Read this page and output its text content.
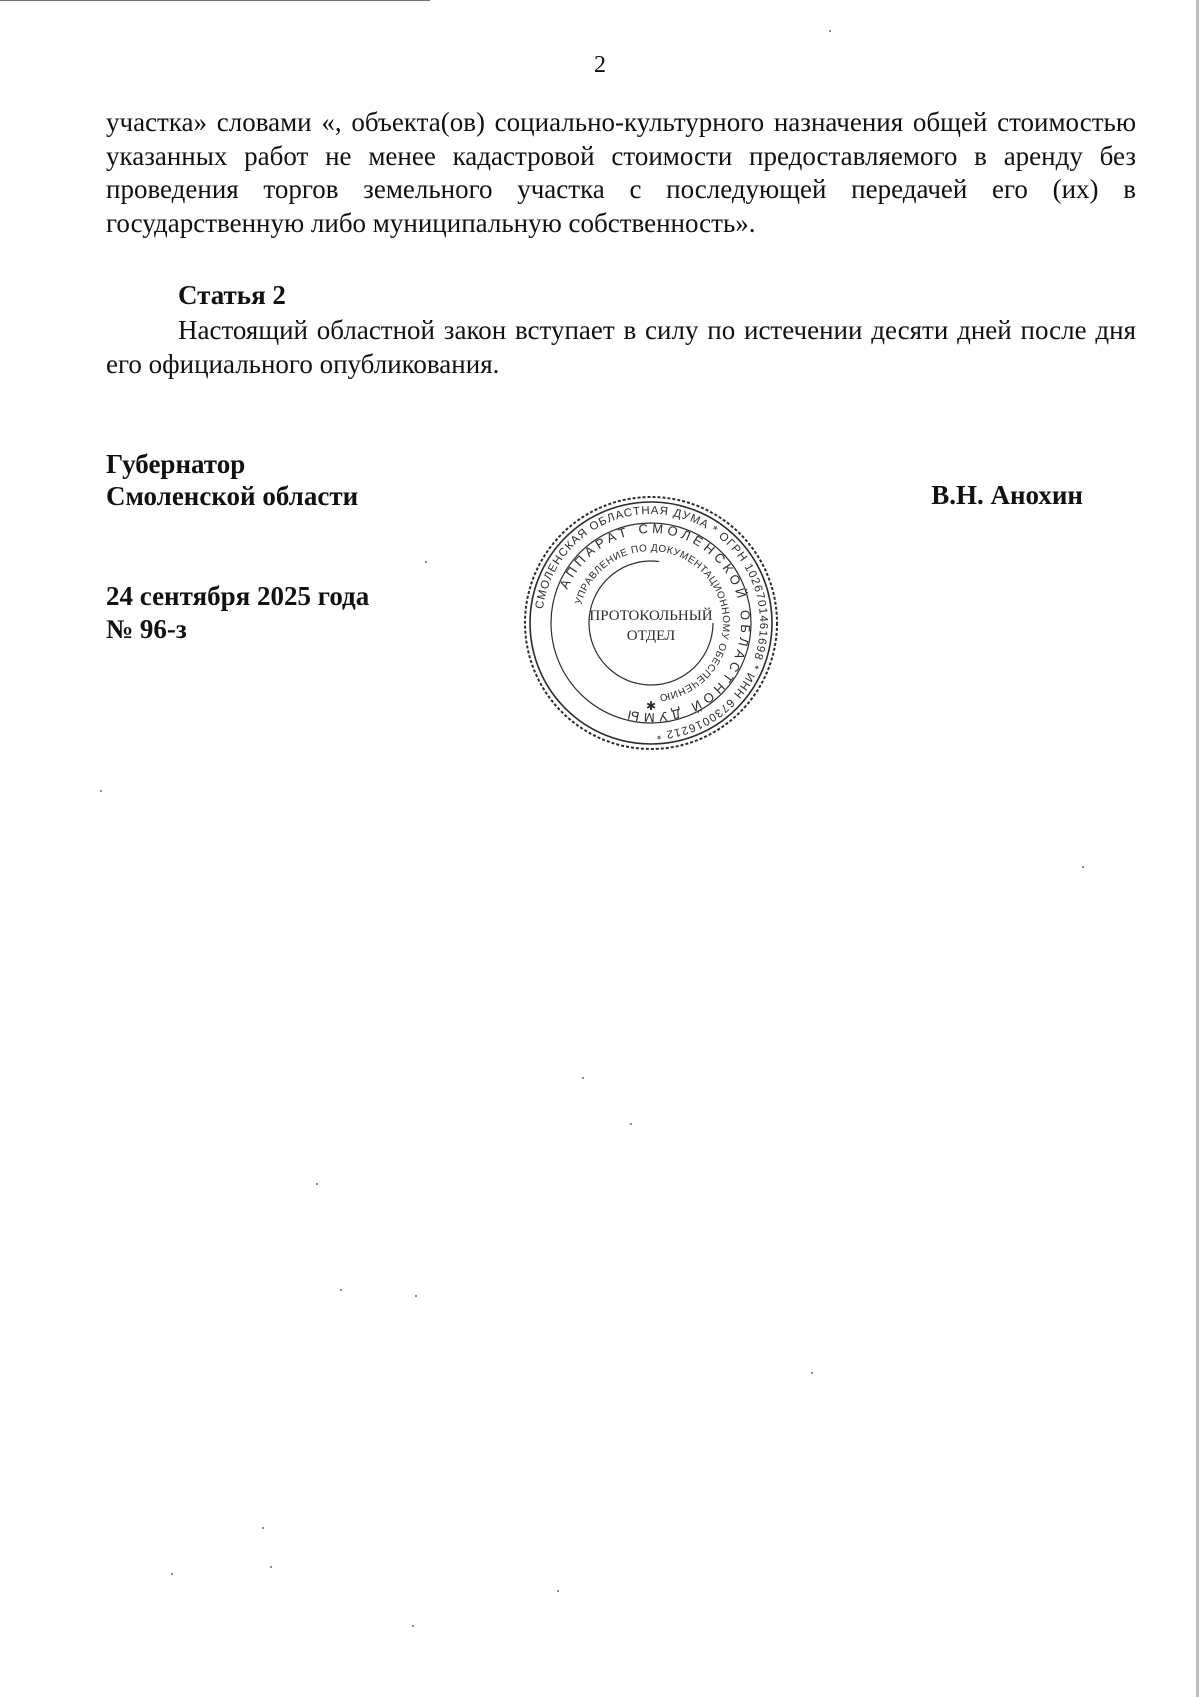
2

участка» словами «, объекта(ов) социально-культурного назначения общей стоимостью указанных работ не менее кадастровой стоимости предоставляемого в аренду без проведения торгов земельного участка с последующей передачей его (их) в государственную либо муниципальную собственность».

Статья 2

Настоящий областной закон вступает в силу по истечении десяти дней после дня его официального опубликования.

Губернатор
Смоленской области	В.Н. Анохин
24 сентября 2025 года
№ 96-з
СМОЛЕНСКАЯ ОБЛАСТНАЯ ДУМА * ОГРН 1026701461698 * ИНН 6730016212 *
АППАРАТ СМОЛЕНСКОЙ ОБЛАСТНОЙ ДУМЫ
УПРАВЛЕНИЕ ПО ДОКУМЕНТАЦИОННОМУ ОБЕСПЕЧЕНИЮ
ПРОТОКОЛЬНЫЙ
ОТДЕЛ
✱
